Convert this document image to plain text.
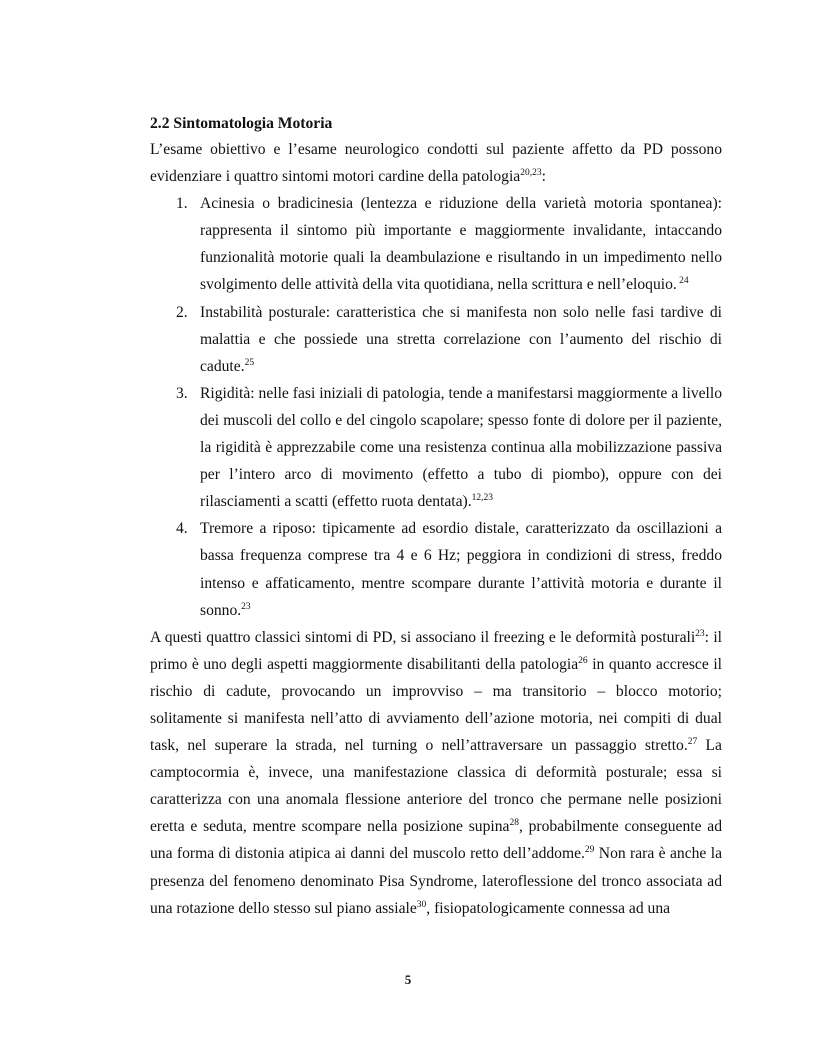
2.2 Sintomatologia Motoria

L’esame obiettivo e l’esame neurologico condotti sul paziente affetto da PD possono evidenziare i quattro sintomi motori cardine della patologia$^{20,23}$:

1. Acinesia o bradicinesia (lentezza e riduzione della varietà motoria spontanea): rappresenta il sintomo più importante e maggiormente invalidante, intaccando funzionalità motorie quali la deambulazione e risultando in un impedimento nello svolgimento delle attività della vita quotidiana, nella scrittura e nell’eloquio. $^{24}$
2. Instabilità posturale: caratteristica che si manifesta non solo nelle fasi tardive di malattia e che possiede una stretta correlazione con l’aumento del rischio di cadute.$^{25}$
3. Rigidità: nelle fasi iniziali di patologia, tende a manifestarsi maggiormente a livello dei muscoli del collo e del cingolo scapolare; spesso fonte di dolore per il paziente, la rigidità è apprezzabile come una resistenza continua alla mobilizzazione passiva per l’intero arco di movimento (effetto a tubo di piombo), oppure con dei rilasciamenti a scatti (effetto ruota dentata).$^{12,23}$
4. Tremore a riposo: tipicamente ad esordio distale, caratterizzato da oscillazioni a bassa frequenza comprese tra 4 e 6 Hz; peggiora in condizioni di stress, freddo intenso e affaticamento, mentre scompare durante l’attività motoria e durante il sonno.$^{23}$

A questi quattro classici sintomi di PD, si associano il freezing e le deformità posturali$^{23}$: il primo è uno degli aspetti maggiormente disabilitanti della patologia$^{26}$ in quanto accresce il rischio di cadute, provocando un improvviso – ma transitorio – blocco motorio; solitamente si manifesta nell’atto di avviamento dell’azione motoria, nei compiti di dual task, nel superare la strada, nel turning o nell’attraversare un passaggio stretto.$^{27}$ La camptocormia è, invece, una manifestazione classica di deformità posturale; essa si caratterizza con una anomala flessione anteriore del tronco che permane nelle posizioni eretta e seduta, mentre scompare nella posizione supina$^{28}$, probabilmente conseguente ad una forma di distonia atipica ai danni del muscolo retto dell’addome.$^{29}$ Non rara è anche la presenza del fenomeno denominato Pisa Syndrome, lateroflessione del tronco associata ad una rotazione dello stesso sul piano assiale$^{30}$, fisiopatologicamente connessa ad una

5
